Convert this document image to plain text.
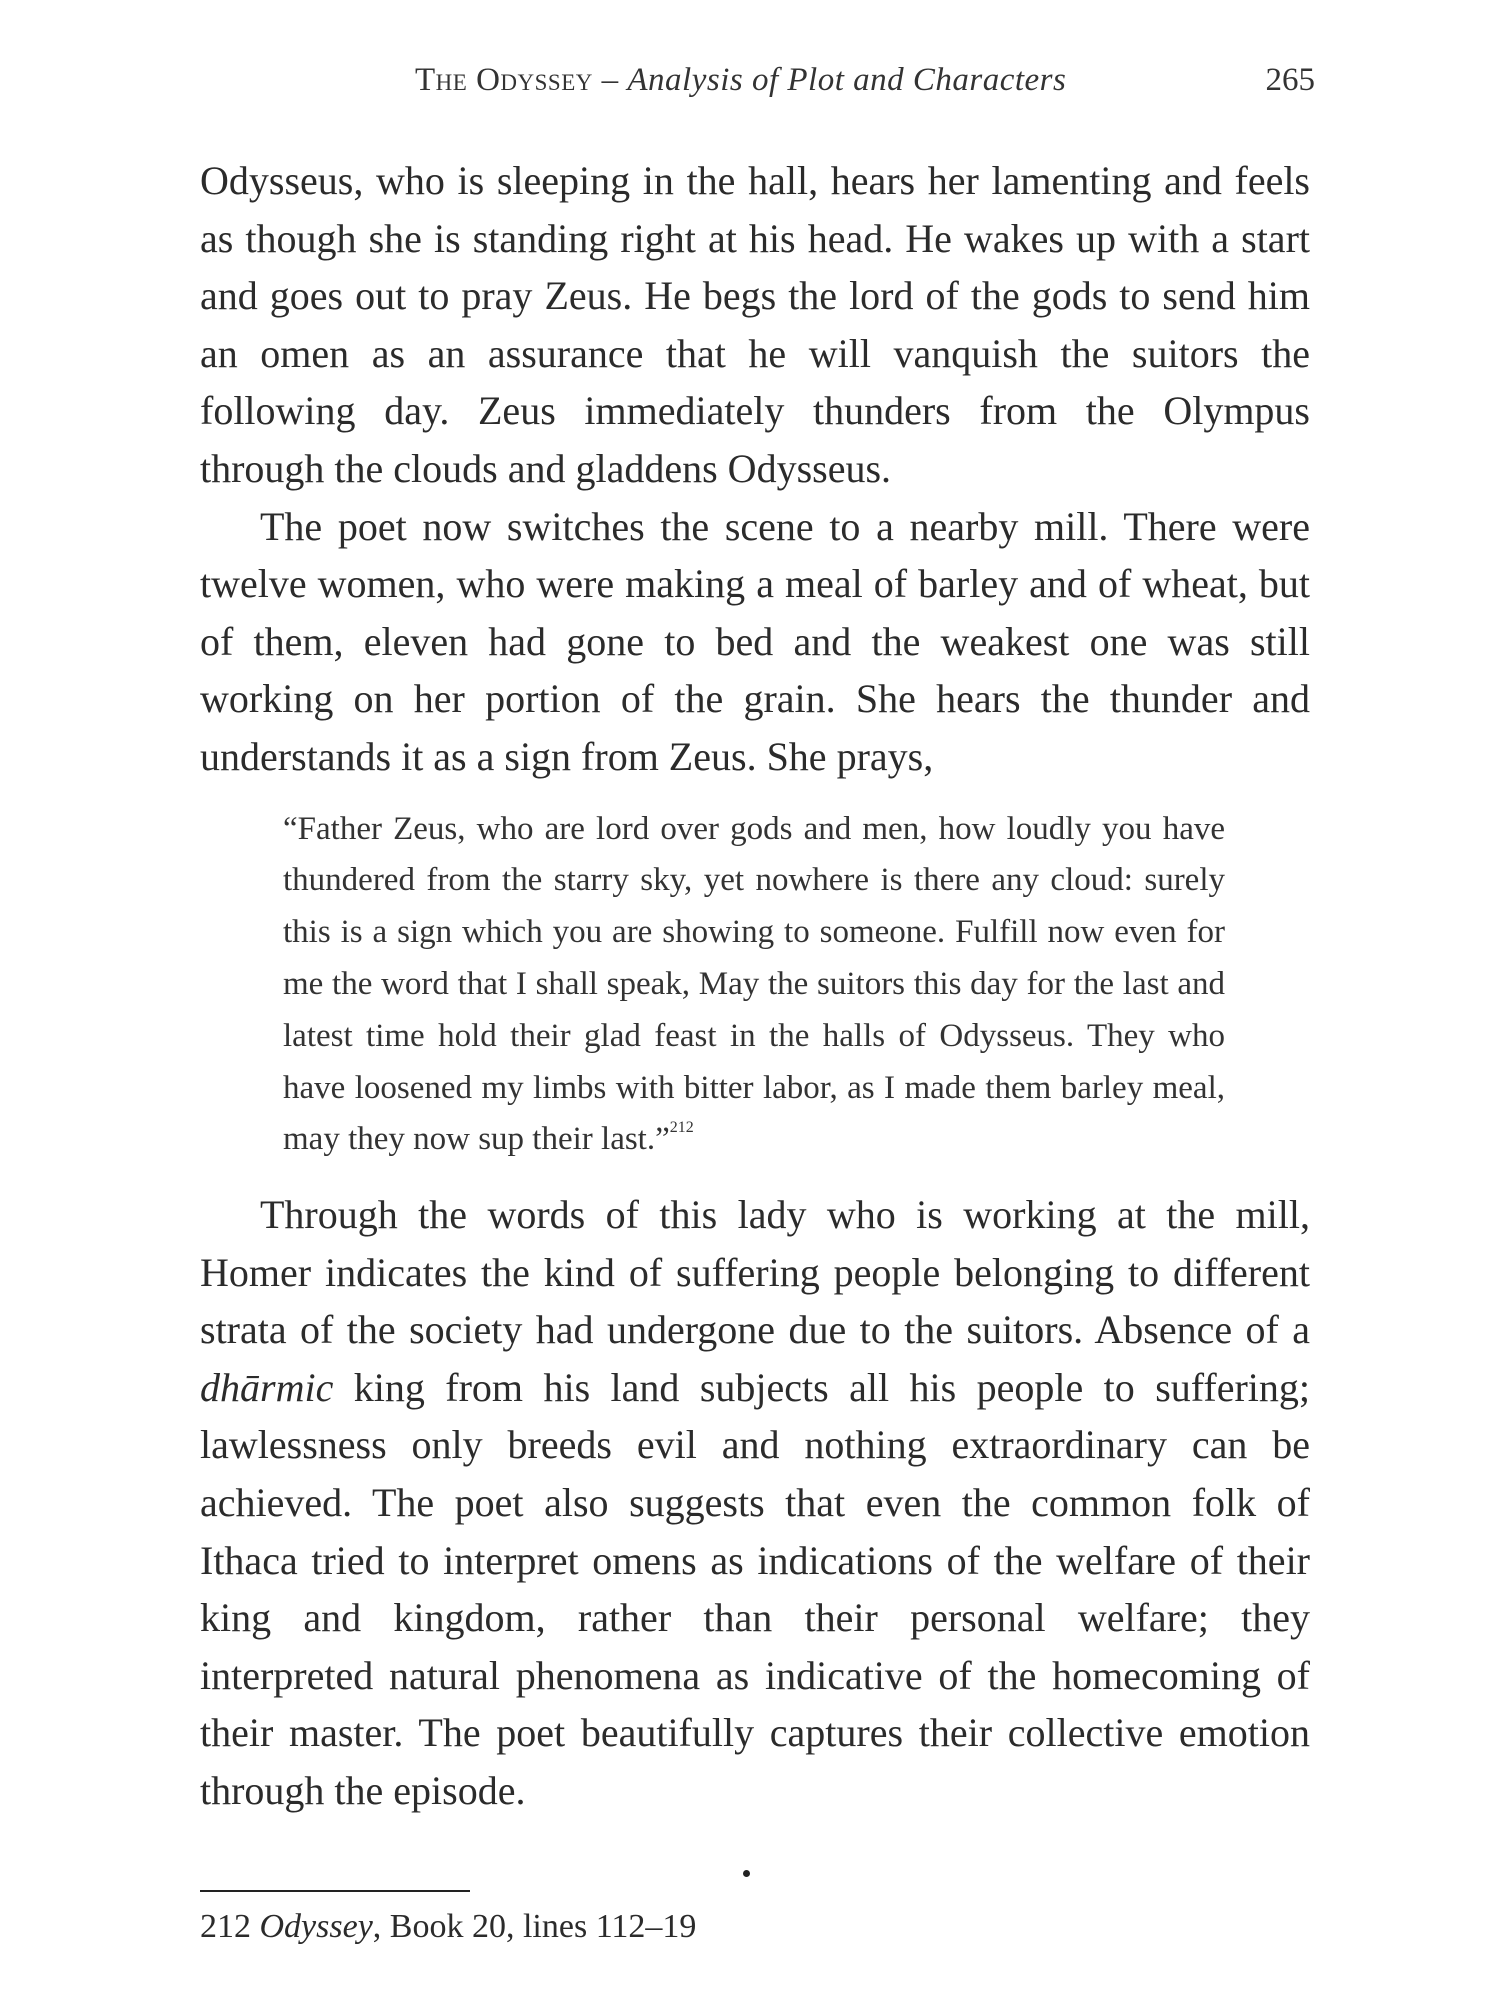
The Odyssey – Analysis of Plot and Characters	265

Odysseus, who is sleeping in the hall, hears her lamenting and feels as though she is standing right at his head. He wakes up with a start and goes out to pray Zeus. He begs the lord of the gods to send him an omen as an assurance that he will vanquish the suitors the following day. Zeus immediately thunders from the Olympus through the clouds and gladdens Odysseus.

The poet now switches the scene to a nearby mill. There were twelve women, who were making a meal of barley and of wheat, but of them, eleven had gone to bed and the weakest one was still working on her portion of the grain. She hears the thunder and understands it as a sign from Zeus. She prays,

“Father Zeus, who are lord over gods and men, how loudly you have thundered from the starry sky, yet nowhere is there any cloud: surely this is a sign which you are showing to someone. Fulfill now even for me the word that I shall speak, May the suitors this day for the last and latest time hold their glad feast in the halls of Odysseus. They who have loosened my limbs with bitter labor, as I made them barley meal, may they now sup their last.”$^{212}$

Through the words of this lady who is working at the mill, Homer indicates the kind of suffering people belonging to different strata of the society had undergone due to the suitors. Absence of a dhārmic king from his land subjects all his people to suffering; lawlessness only breeds evil and nothing extraordinary can be achieved. The poet also suggests that even the common folk of Ithaca tried to interpret omens as indications of the welfare of their king and kingdom, rather than their personal welfare; they interpreted natural phenomena as indicative of the homecoming of their master. The poet beautifully captures their collective emotion through the episode.

212 Odyssey, Book 20, lines 112–19
